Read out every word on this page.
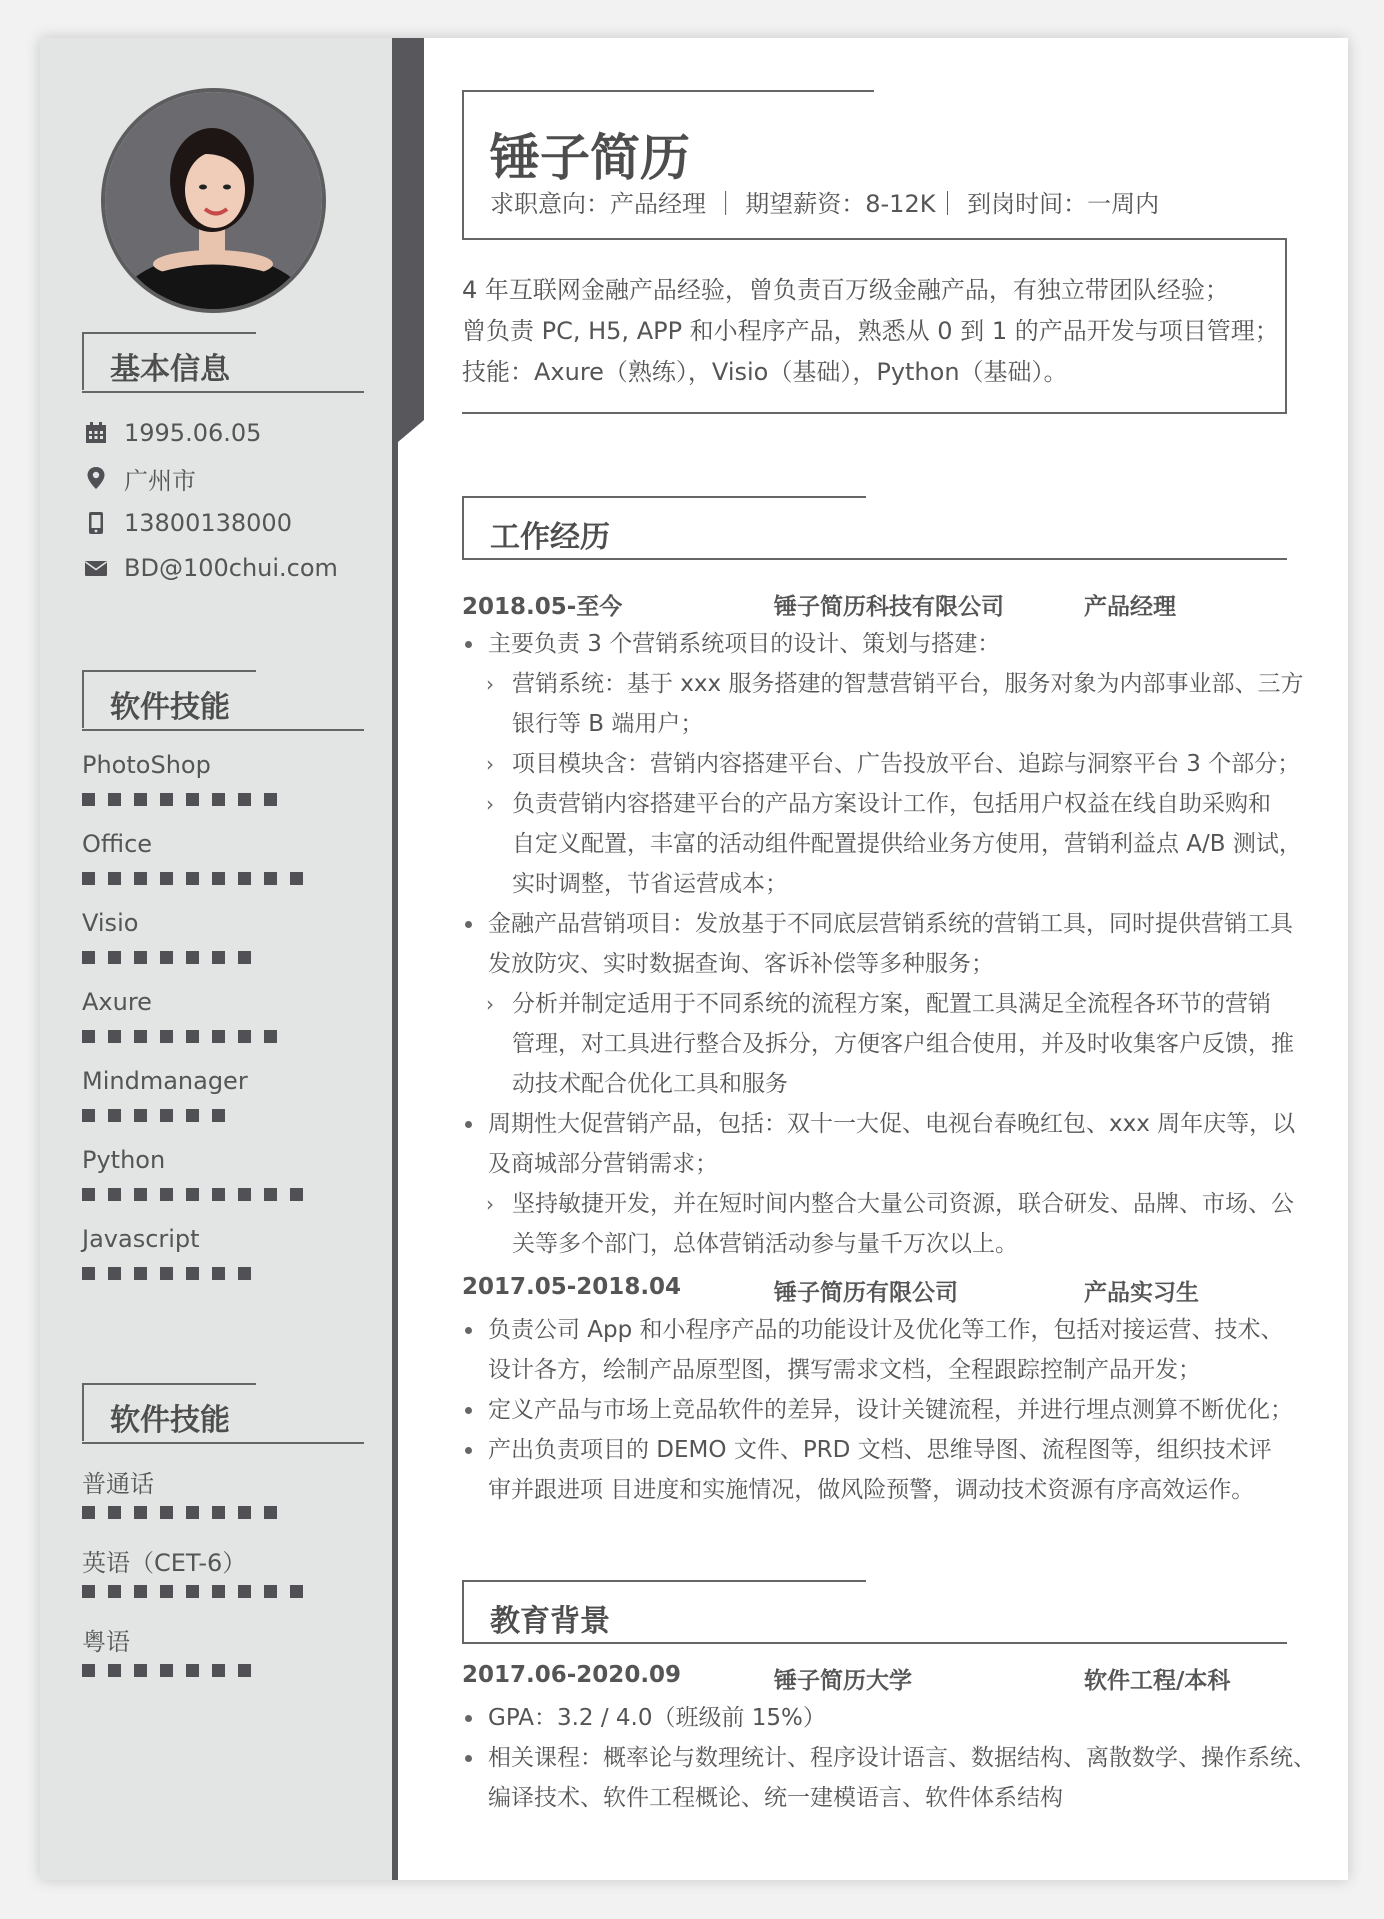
基本信息
1995.06.05
广州市
13800138000
BD@100chui.com
软件技能
PhotoShop
Office
Visio
Axure
Mindmanager
Python
Javascript
软件技能
普通话
英语（CET-6）
粤语
锤子简历
求职意向：产品经理 ｜ 期望薪资：8-12K｜ 到岗时间：一周内
4 年互联网金融产品经验，曾负责百万级金融产品，有独立带团队经验；
曾负责 PC, H5, APP 和小程序产品，熟悉从 0 到 1 的产品开发与项目管理；
技能：Axure（熟练），Visio（基础），Python（基础）。
工作经历
2018.05-至今	锤子简历科技有限公司	产品经理
主要负责 3 个营销系统项目的设计、策划与搭建：
› 营销系统：基于 xxx 服务搭建的智慧营销平台，服务对象为内部事业部、三方
银行等 B 端用户；
› 项目模块含：营销内容搭建平台、广告投放平台、追踪与洞察平台 3 个部分；
› 负责营销内容搭建平台的产品方案设计工作，包括用户权益在线自助采购和
自定义配置，丰富的活动组件配置提供给业务方使用，营销利益点 A/B 测试，
实时调整，节省运营成本；
金融产品营销项目：发放基于不同底层营销系统的营销工具，同时提供营销工具
发放防灾、实时数据查询、客诉补偿等多种服务；
› 分析并制定适用于不同系统的流程方案，配置工具满足全流程各环节的营销
管理，对工具进行整合及拆分，方便客户组合使用，并及时收集客户反馈，推
动技术配合优化工具和服务
周期性大促营销产品，包括：双十一大促、电视台春晚红包、xxx 周年庆等，以
及商城部分营销需求；
› 坚持敏捷开发，并在短时间内整合大量公司资源，联合研发、品牌、市场、公
关等多个部门，总体营销活动参与量千万次以上。
2017.05-2018.04	锤子简历有限公司	产品实习生
负责公司 App 和小程序产品的功能设计及优化等工作，包括对接运营、技术、
设计各方，绘制产品原型图，撰写需求文档，全程跟踪控制产品开发；
定义产品与市场上竞品软件的差异，设计关键流程，并进行埋点测算不断优化；
产出负责项目的 DEMO 文件、PRD 文档、思维导图、流程图等，组织技术评
审并跟进项 目进度和实施情况，做风险预警，调动技术资源有序高效运作。
教育背景
2017.06-2020.09	锤子简历大学	软件工程/本科
GPA：3.2 / 4.0（班级前 15%）
相关课程：概率论与数理统计、程序设计语言、数据结构、离散数学、操作系统、
编译技术、软件工程概论、统一建模语言、软件体系结构
